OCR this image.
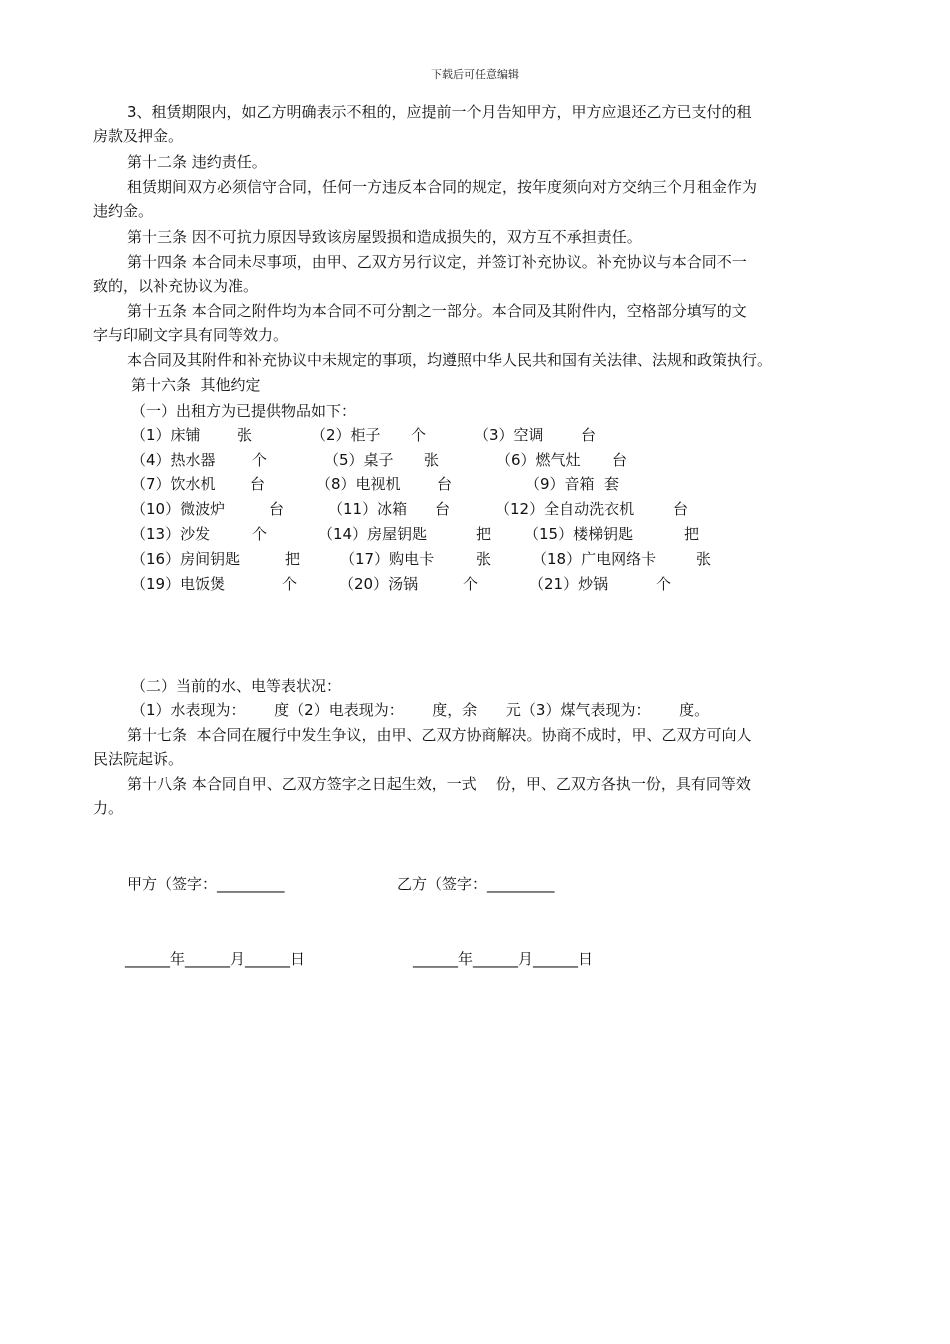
下载后可任意编辑
3、租赁期限内，如乙方明确表示不租的，应提前一个月告知甲方，甲方应退还乙方已支付的租
房款及押金。
第十二条 违约责任。
租赁期间双方必须信守合同，任何一方违反本合同的规定，按年度须向对方交纳三个月租金作为
违约金。
第十三条 因不可抗力原因导致该房屋毁损和造成损失的，双方互不承担责任。
第十四条 本合同未尽事项，由甲、乙双方另行议定，并签订补充协议。补充协议与本合同不一
致的，以补充协议为准。
第十五条 本合同之附件均为本合同不可分割之一部分。本合同及其附件内，空格部分填写的文
字与印刷文字具有同等效力。
本合同及其附件和补充协议中未规定的事项，均遵照中华人民共和国有关法律、法规和政策执行。
第十六条  其他约定
（一）出租方为已提供物品如下：
（1）床铺 张	（2）柜子 个	（3）空调 台
（4）热水器 个	（5）桌子 张	（6）燃气灶 台
（7）饮水机 台	（8）电视机 台	（9）音箱 套
（10）微波炉	台	（11）冰箱 台	（12）全自动洗衣机	台
（13）沙发	个	（14）房屋钥匙	把 （15）楼梯钥匙	把
（16）房间钥匙	把	（17）购电卡	张	（18）广电网络卡	张
（19）电饭煲	个	（20）汤锅	个	（21）炒锅	个
（二）当前的水、电等表状况：
（1）水表现为：      度（2）电表现为：      度，余      元（3）煤气表现为：      度。
第十七条  本合同在履行中发生争议，由甲、乙双方协商解决。协商不成时，甲、乙双方可向人
民法院起诉。
第十八条 本合同自甲、乙双方签字之日起生效，一式    份，甲、乙双方各执一份，具有同等效
力。
甲方（签字：_________	乙方（签字：_________
______年______月______日	______年______月______日
